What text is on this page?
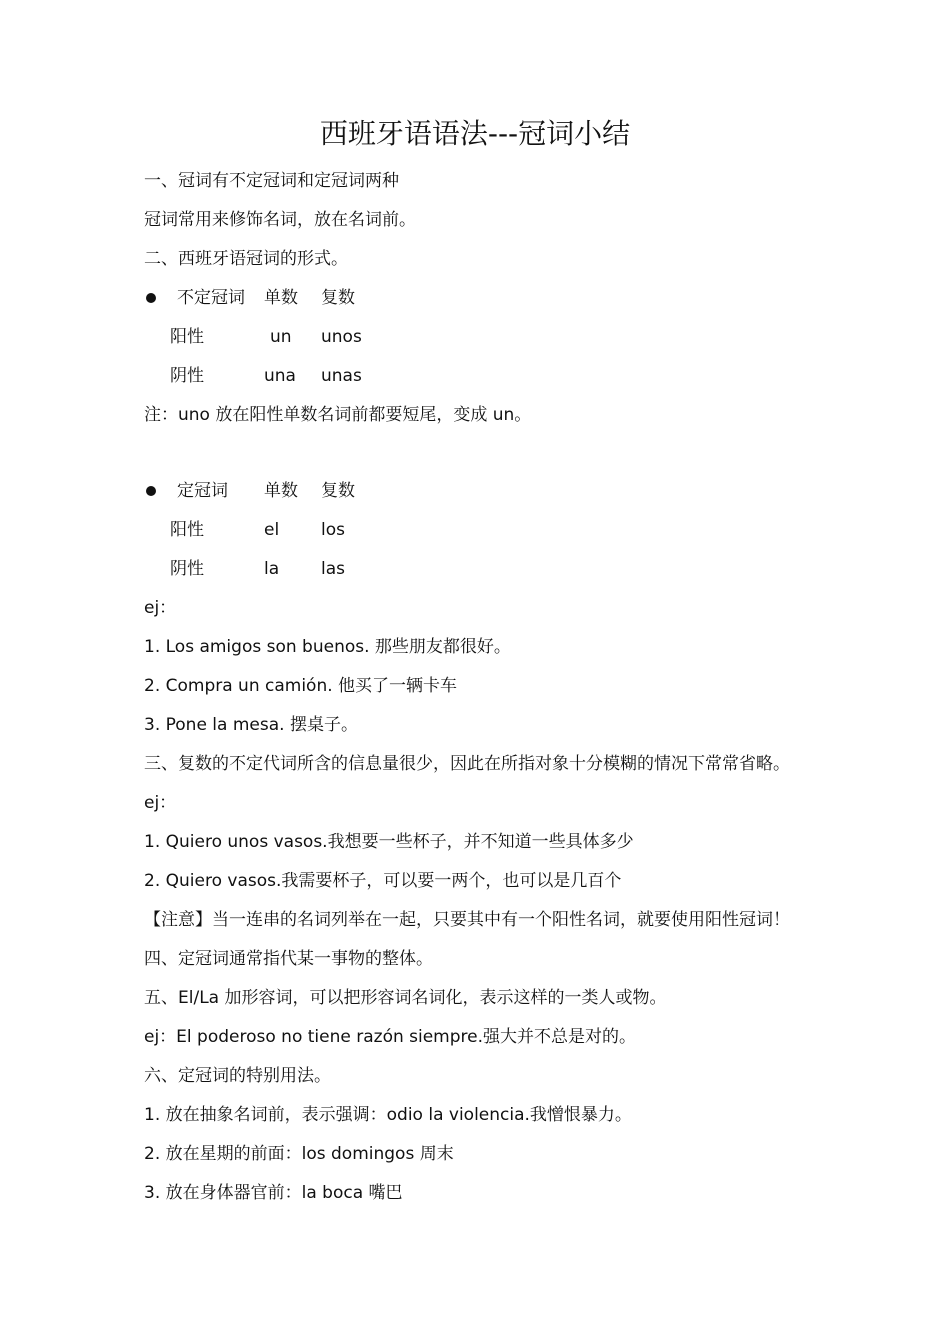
西班牙语语法---冠词小结
一、冠词有不定冠词和定冠词两种
冠词常用来修饰名词，放在名词前。
二、西班牙语冠词的形式。
不定冠词 单数 复数
阳性	un unos
阴性	una unas
注：uno 放在阳性单数名词前都要短尾，变成 un。
定冠词 单数 复数
阳性	el los
阴性	la las
ej：
1. Los amigos son buenos. 那些朋友都很好。
2. Compra un camión. 他买了一辆卡车
3. Pone la mesa. 摆桌子。
三、复数的不定代词所含的信息量很少，因此在所指对象十分模糊的情况下常常省略。
ej：
1. Quiero unos vasos.我想要一些杯子，并不知道一些具体多少
2. Quiero vasos.我需要杯子，可以要一两个，也可以是几百个
【注意】当一连串的名词列举在一起，只要其中有一个阳性名词，就要使用阳性冠词！
四、定冠词通常指代某一事物的整体。
五、El/La 加形容词，可以把形容词名词化，表示这样的一类人或物。
ej：El poderoso no tiene razón siempre.强大并不总是对的。
六、定冠词的特别用法。
1. 放在抽象名词前，表示强调：odio la violencia.我憎恨暴力。
2. 放在星期的前面：los domingos 周末
3. 放在身体器官前：la boca 嘴巴
